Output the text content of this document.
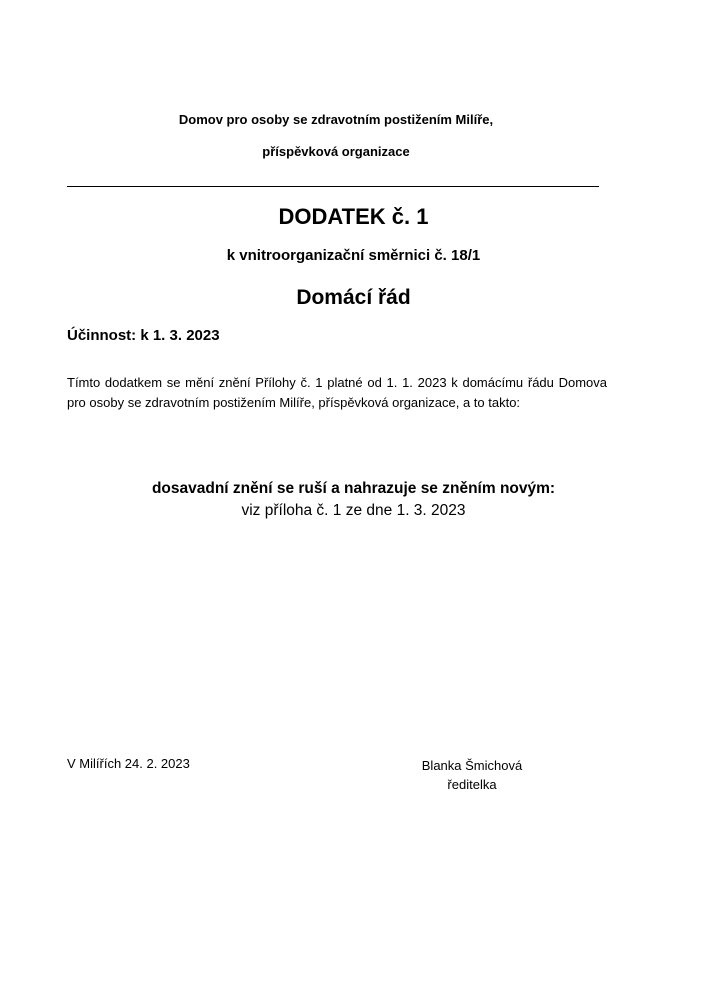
Domov pro osoby se zdravotním postižením Milíře,
příspěvková organizace
DODATEK č. 1
k vnitroorganizační směrnici č. 18/1
Domácí řád
Účinnost: k 1. 3. 2023
Tímto dodatkem se mění znění Přílohy č. 1 platné od 1. 1. 2023 k domácímu řádu Domova pro osoby se zdravotním postižením Milíře, příspěvková organizace, a to takto:
dosavadní znění se ruší a nahrazuje se zněním novým:
viz příloha č. 1 ze dne 1. 3. 2023
V Milířích 24. 2. 2023	Blanka Šmichová
ředitelka
